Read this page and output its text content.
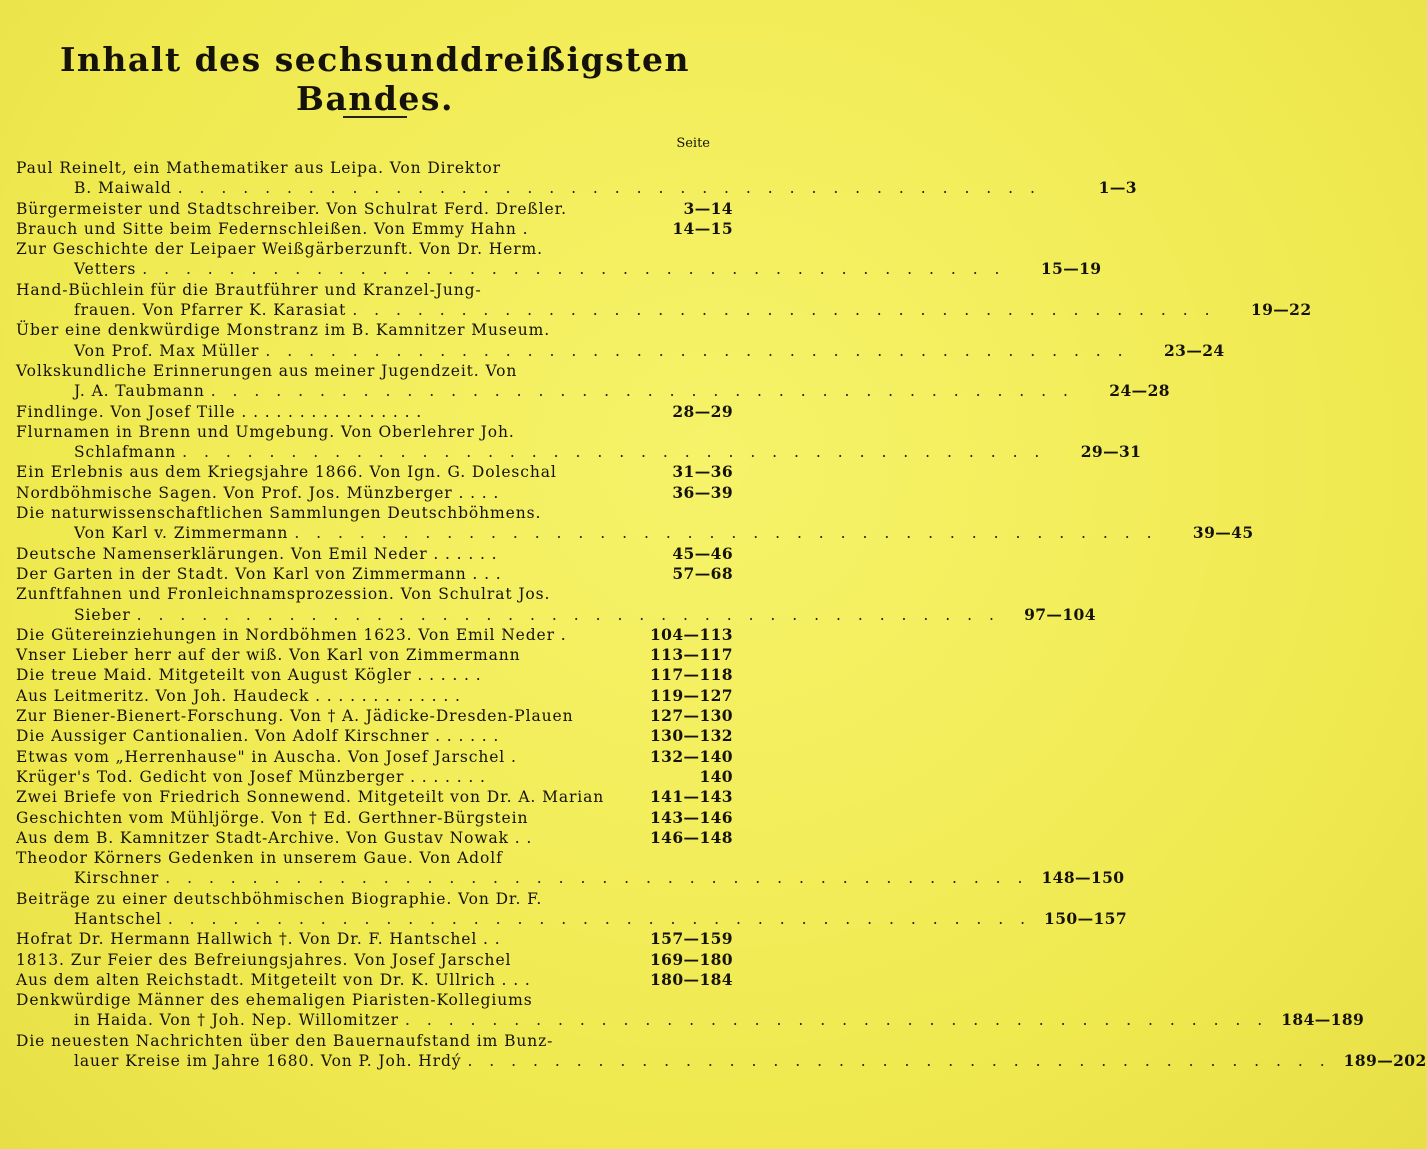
Inhalt des sechsunddreißigsten Bandes.
Seite
Paul Reinelt, ein Mathematiker aus Leipa. Von Direktor
B. Maiwald . . . . . . . . . . . . . . . . . . . . . . . . . . . . . . . . . . . . . . . .	1—3
Bürgermeister und Stadtschreiber. Von Schulrat Ferd. Dreßler.	3—14
Brauch und Sitte beim Federnschleißen. Von Emmy Hahn .	14—15
Zur Geschichte der Leipaer Weißgärberzunft. Von Dr. Herm.
Vetters . . . . . . . . . . . . . . . . . . . . . . . . . . . . . . . . . . . . . . . .	15—19
Hand-Büchlein für die Brautführer und Kranzel-Jung-
frauen. Von Pfarrer K. Karasiat . . . . . . . . . . . . . . . . . . . . . . . . . . . . . . . . . . . . . . . .	19—22
Über eine denkwürdige Monstranz im B. Kamnitzer Museum.
Von Prof. Max Müller . . . . . . . . . . . . . . . . . . . . . . . . . . . . . . . . . . . . . . . .	23—24
Volkskundliche Erinnerungen aus meiner Jugendzeit. Von
J. A. Taubmann . . . . . . . . . . . . . . . . . . . . . . . . . . . . . . . . . . . . . . . .	24—28
Findlinge. Von Josef Tille . . . . . . . . . . . . . . . .	28—29
Flurnamen in Brenn und Umgebung. Von Oberlehrer Joh.
Schlafmann . . . . . . . . . . . . . . . . . . . . . . . . . . . . . . . . . . . . . . . .	29—31
Ein Erlebnis aus dem Kriegsjahre 1866. Von Ign. G. Doleschal	31—36
Nordböhmische Sagen. Von Prof. Jos. Münzberger . . . .	36—39
Die naturwissenschaftlichen Sammlungen Deutschböhmens.
Von Karl v. Zimmermann . . . . . . . . . . . . . . . . . . . . . . . . . . . . . . . . . . . . . . . .	39—45
Deutsche Namenserklärungen. Von Emil Neder . . . . . .	45—46
Der Garten in der Stadt. Von Karl von Zimmermann . . .	57—68
Zunftfahnen und Fronleichnamsprozession. Von Schulrat Jos.
Sieber . . . . . . . . . . . . . . . . . . . . . . . . . . . . . . . . . . . . . . . .	97—104
Die Gütereinziehungen in Nordböhmen 1623. Von Emil Neder .	104—113
Vnser Lieber herr auf der wiß. Von Karl von Zimmermann	113—117
Die treue Maid. Mitgeteilt von August Kögler . . . . . .	117—118
Aus Leitmeritz. Von Joh. Haudeck . . . . . . . . . . . . .	119—127
Zur Biener-Bienert-Forschung. Von † A. Jädicke-Dresden-Plauen	127—130
Die Aussiger Cantionalien. Von Adolf Kirschner . . . . . .	130—132
Etwas vom „Herrenhause" in Auscha. Von Josef Jarschel .	132—140
Krüger's Tod. Gedicht von Josef Münzberger . . . . . . .	140
Zwei Briefe von Friedrich Sonnewend. Mitgeteilt von Dr. A. Marian	141—143
Geschichten vom Mühljörge. Von † Ed. Gerthner-Bürgstein	143—146
Aus dem B. Kamnitzer Stadt-Archive. Von Gustav Nowak . .	146—148
Theodor Körners Gedenken in unserem Gaue. Von Adolf
Kirschner . . . . . . . . . . . . . . . . . . . . . . . . . . . . . . . . . . . . . . . . 148—150
Beiträge zu einer deutschböhmischen Biographie. Von Dr. F.
Hantschel . . . . . . . . . . . . . . . . . . . . . . . . . . . . . . . . . . . . . . . . 150—157
Hofrat Dr. Hermann Hallwich †. Von Dr. F. Hantschel . .	157—159
1813. Zur Feier des Befreiungsjahres. Von Josef Jarschel	169—180
Aus dem alten Reichstadt. Mitgeteilt von Dr. K. Ullrich . . .	180—184
Denkwürdige Männer des ehemaligen Piaristen-Kollegiums
in Haida. Von † Joh. Nep. Willomitzer . . . . . . . . . . . . . . . . . . . . . . . . . . . . . . . . . . . . . . . . 184—189
Die neuesten Nachrichten über den Bauernaufstand im Bunz-
lauer Kreise im Jahre 1680. Von P. Joh. Hrdý . . . . . . . . . . . . . . . . . . . . . . . . . . . . . . . . . . . . . . . . 189—202
